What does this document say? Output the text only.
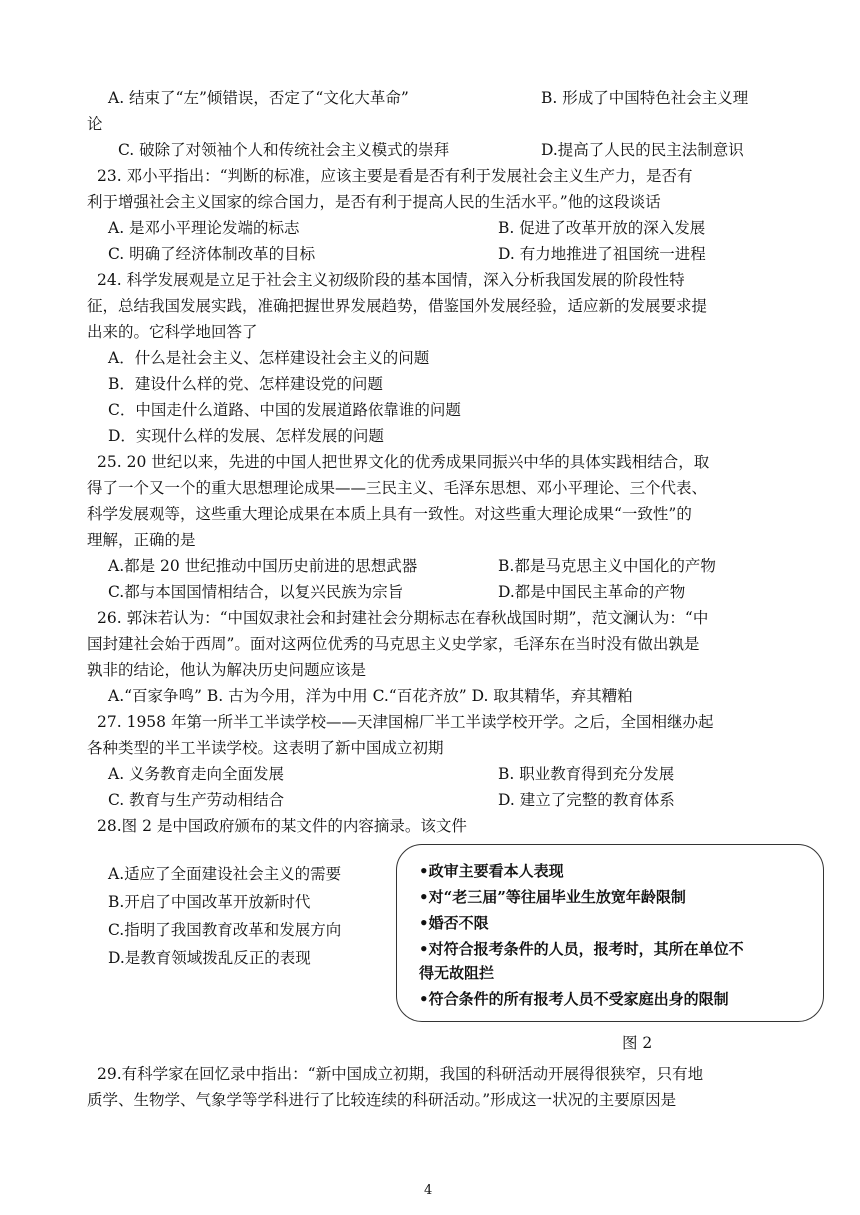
A. 结束了“左”倾错误，否定了“文化大革命”	B. 形成了中国特色社会主义理
论
C. 破除了对领袖个人和传统社会主义模式的崇拜	D.提高了人民的民主法制意识
23. 邓小平指出：“判断的标准，应该主要是看是否有利于发展社会主义生产力，是否有
利于增强社会主义国家的综合国力，是否有利于提高人民的生活水平。”他的这段谈话
A. 是邓小平理论发端的标志	B. 促进了改革开放的深入发展
C. 明确了经济体制改革的目标	D. 有力地推进了祖国统一进程
24. 科学发展观是立足于社会主义初级阶段的基本国情，深入分析我国发展的阶段性特
征，总结我国发展实践，准确把握世界发展趋势，借鉴国外发展经验，适应新的发展要求提
出来的。它科学地回答了
A．什么是社会主义、怎样建设社会主义的问题
B．建设什么样的党、怎样建设党的问题
C．中国走什么道路、中国的发展道路依靠谁的问题
D．实现什么样的发展、怎样发展的问题
25. 20 世纪以来，先进的中国人把世界文化的优秀成果同振兴中华的具体实践相结合，取
得了一个又一个的重大思想理论成果——三民主义、毛泽东思想、邓小平理论、三个代表、
科学发展观等，这些重大理论成果在本质上具有一致性。对这些重大理论成果“一致性”的
理解，正确的是
A.都是 20 世纪推动中国历史前进的思想武器	B.都是马克思主义中国化的产物
C.都与本国国情相结合，以复兴民族为宗旨	D.都是中国民主革命的产物
26. 郭沫若认为：“中国奴隶社会和封建社会分期标志在春秋战国时期”，范文澜认为：“中
国封建社会始于西周”。面对这两位优秀的马克思主义史学家，毛泽东在当时没有做出孰是
孰非的结论，他认为解决历史问题应该是
A.“百家争鸣” B. 古为今用，洋为中用 C.“百花齐放” D. 取其精华，弃其糟粕
27. 1958 年第一所半工半读学校——天津国棉厂半工半读学校开学。之后，全国相继办起
各种类型的半工半读学校。这表明了新中国成立初期
A. 义务教育走向全面发展	B. 职业教育得到充分发展
C. 教育与生产劳动相结合	D. 建立了完整的教育体系
28.图 2 是中国政府颁布的某文件的内容摘录。该文件
A.适应了全面建设社会主义的需要
B.开启了中国改革开放新时代
C.指明了我国教育改革和发展方向
D.是教育领域拨乱反正的表现
•政审主要看本人表现
•对“老三届”等往届毕业生放宽年龄限制
•婚否不限
•对符合报考条件的人员，报考时，其所在单位不
得无故阻拦
•符合条件的所有报考人员不受家庭出身的限制
图 2
29.有科学家在回忆录中指出：“新中国成立初期，我国的科研活动开展得很狭窄，只有地
质学、生物学、气象学等学科进行了比较连续的科研活动。”形成这一状况的主要原因是
4
